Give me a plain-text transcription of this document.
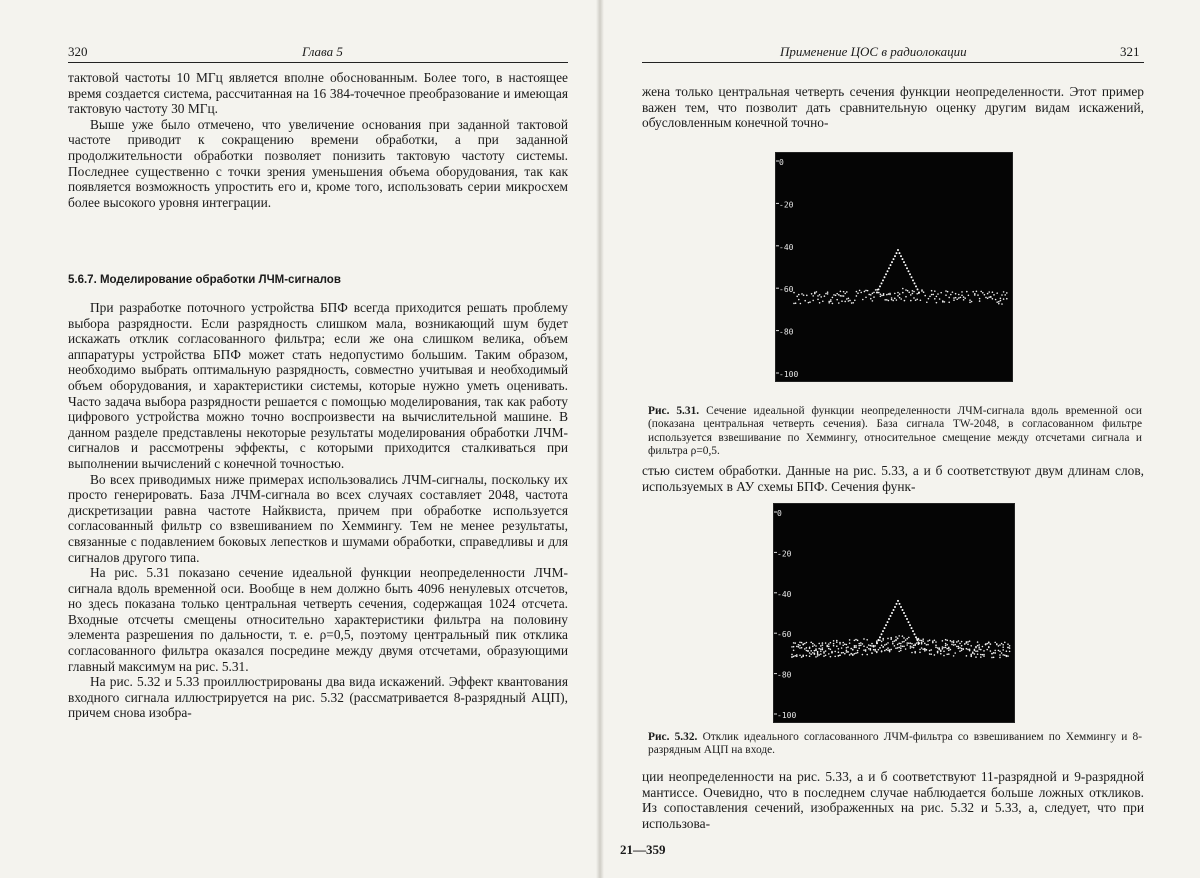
320	Глава 5

тактовой частоты 10 МГц является вполне обоснованным. Более того, в настоящее время создается система, рассчитанная на 16 384-точечное преобразование и имеющая тактовую частоту 30 МГц.

Выше уже было отмечено, что увеличение основания при заданной тактовой частоте приводит к сокращению времени обработки, а при заданной продолжительности обработки позволяет понизить тактовую частоту системы. Последнее существенно с точки зрения уменьшения объема оборудования, так как появляется возможность упростить его и, кроме того, использовать серии микросхем более высокого уровня интеграции.

5.6.7. Моделирование обработки ЛЧМ-сигналов

При разработке поточного устройства БПФ всегда приходится решать проблему выбора разрядности. Если разрядность слишком мала, возникающий шум будет искажать отклик согласованного фильтра; если же она слишком велика, объем аппаратуры устройства БПФ может стать недопустимо большим. Таким образом, необходимо выбрать оптимальную разрядность, совместно учитывая и необходимый объем оборудования, и характеристики системы, которые нужно уметь оценивать. Часто задача выбора разрядности решается с помощью моделирования, так как работу цифрового устройства можно точно воспроизвести на вычислительной машине. В данном разделе представлены некоторые результаты моделирования обработки ЛЧМ-сигналов и рассмотрены эффекты, с которыми приходится сталкиваться при выполнении вычислений с конечной точностью.

Во всех приводимых ниже примерах использовались ЛЧМ-сигналы, поскольку их просто генерировать. База ЛЧМ-сигнала во всех случаях составляет 2048, частота дискретизации равна частоте Найквиста, причем при обработке используется согласованный фильтр со взвешиванием по Хеммингу. Тем не менее результаты, связанные с подавлением боковых лепестков и шумами обработки, справедливы и для сигналов другого типа.

На рис. 5.31 показано сечение идеальной функции неопределенности ЛЧМ-сигнала вдоль временной оси. Вообще в нем должно быть 4096 ненулевых отсчетов, но здесь показана только центральная четверть сечения, содержащая 1024 отсчета. Входные отсчеты смещены относительно характеристики фильтра на половину элемента разрешения по дальности, т. е. ρ=0,5, поэтому центральный пик отклика согласованного фильтра оказался посредине между двумя отсчетами, образующими главный максимум на рис. 5.31.

На рис. 5.32 и 5.33 проиллюстрированы два вида искажений. Эффект квантования входного сигнала иллюстрируется на рис. 5.32 (рассматривается 8-разрядный АЦП), причем снова изобра-

Применение ЦОС в радиолокации	321

жена только центральная четверть сечения функции неопределенности. Этот пример важен тем, что позволит дать сравнительную оценку другим видам искажений, обусловленным конечной точно-

0
-20
-40
-60
-80
-100
Рис. 5.31. Сечение идеальной функции неопределенности ЛЧМ-сигнала вдоль временной оси (показана центральная четверть сечения). База сигнала TW-2048, в согласованном фильтре используется взвешивание по Хеммингу, относительное смещение между отсчетами сигнала и фильтра ρ=0,5.

стью систем обработки. Данные на рис. 5.33, а и б соответствуют двум длинам слов, используемых в АУ схемы БПФ. Сечения функ-

0
-20
-40
-60
-80
-100
Рис. 5.32. Отклик идеального согласованного ЛЧМ-фильтра со взвешиванием по Хеммингу и 8-разрядным АЦП на входе.

ции неопределенности на рис. 5.33, а и б соответствуют 11-разрядной и 9-разрядной мантиссе. Очевидно, что в последнем случае наблюдается больше ложных откликов. Из сопоставления сечений, изображенных на рис. 5.32 и 5.33, а, следует, что при использова-

21—359
